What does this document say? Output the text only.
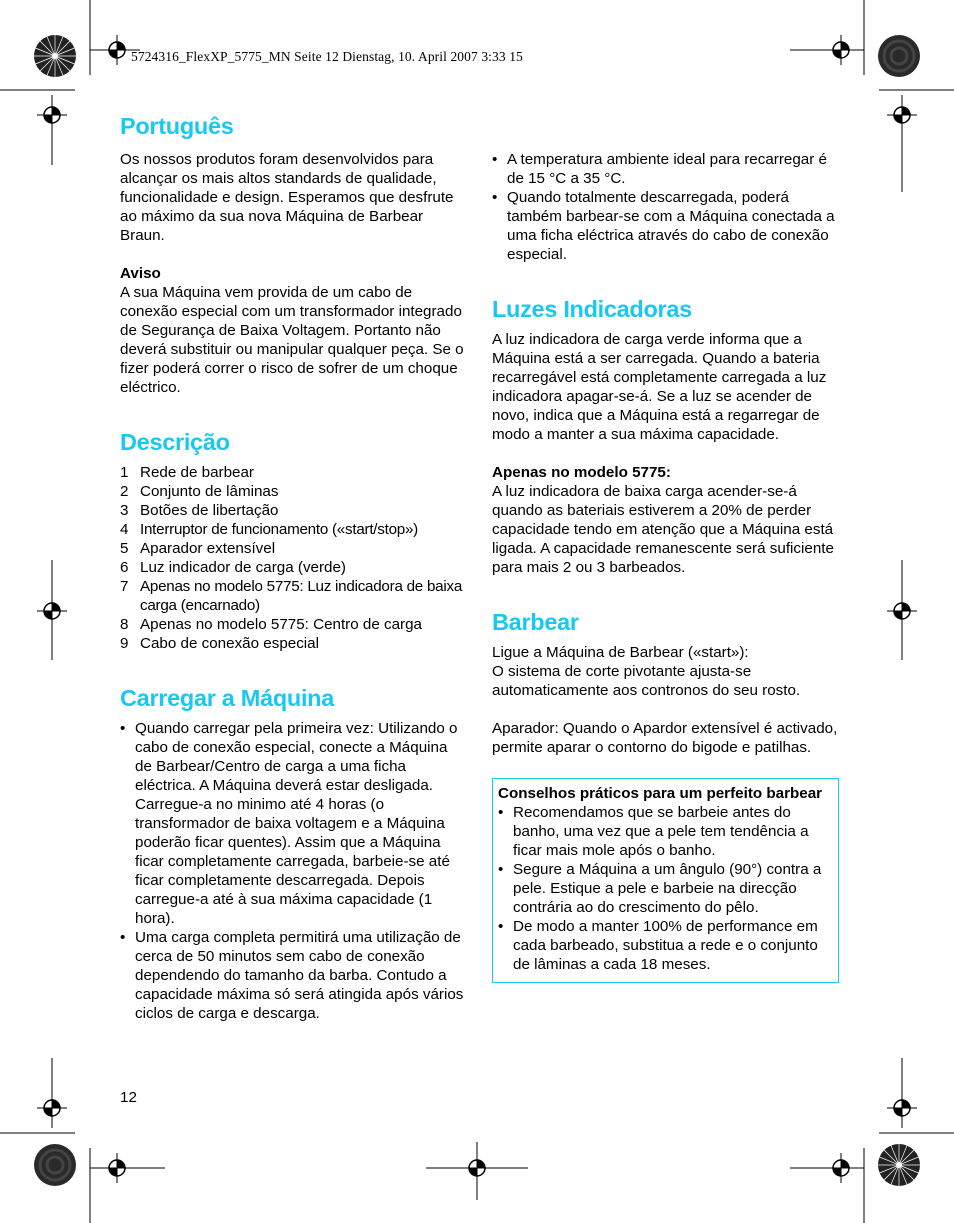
5724316_FlexXP_5775_MN Seite 12 Dienstag, 10. April 2007 3:33 15
Português

Os nossos produtos foram desenvolvidos para alcançar os mais altos standards de qualidade, funcionalidade e design. Esperamos que desfrute ao máximo da sua nova Máquina de Barbear Braun.

Aviso

A sua Máquina vem provida de um cabo de conexão especial com um transformador integrado de Segurança de Baixa Voltagem. Portanto não deverá substituir ou manipular qualquer peça. Se o fizer poderá correr o risco de sofrer de um choque eléctrico.

Descrição
1 Rede de barbear
2 Conjunto de lâminas
3 Botões de libertação
4 Interruptor de funcionamento («start/stop»)
5 Aparador extensível
6 Luz indicador de carga (verde)
7 Apenas no modelo 5775: Luz indicadora de baixa carga (encarnado)
8 Apenas no modelo 5775: Centro de carga
9 Cabo de conexão especial
Carregar a Máquina
• Quando carregar pela primeira vez: Utilizando o cabo de conexão especial, conecte a Máquina de Barbear/Centro de carga a uma ficha eléctrica. A Máquina deverá estar desligada. Carregue-a no minimo até 4 horas (o transformador de baixa voltagem e a Máquina poderão ficar quentes). Assim que a Máquina ficar completamente carregada, barbeie-se até ficar completamente descarregada. Depois carregue-a até à sua máxima capacidade (1 hora).
• Uma carga completa permitirá uma utilização de cerca de 50 minutos sem cabo de conexão dependendo do tamanho da barba. Contudo a capacidade máxima só será atingida após vários ciclos de carga e descarga.
12
• A temperatura ambiente ideal para recarregar é de 15 °C a 35 °C.
• Quando totalmente descarregada, poderá também barbear-se com a Máquina conectada a uma ficha eléctrica através do cabo de conexão especial.
Luzes Indicadoras

A luz indicadora de carga verde informa que a Máquina está a ser carregada. Quando a bateria recarregável está completamente carregada a luz indicadora apagar-se-á. Se a luz se acender de novo, indica que a Máquina está a regarregar de modo a manter a sua máxima capacidade.

Apenas no modelo 5775:

A luz indicadora de baixa carga acender-se-á quando as bateriais estiverem a 20% de perder capacidade tendo em atenção que a Máquina está ligada. A capacidade remanescente será suficiente para mais 2 ou 3 barbeados.

Barbear

Ligue a Máquina de Barbear («start»):

O sistema de corte pivotante ajusta-se automaticamente aos contronos do seu rosto.

Aparador: Quando o Apardor extensível é activado, permite aparar o contorno do bigode e patilhas.

Conselhos práticos para um perfeito barbear

• Recomendamos que se barbeie antes do banho, uma vez que a pele tem tendência a ficar mais mole após o banho.
• Segure a Máquina a um ângulo (90°) contra a pele. Estique a pele e barbeie na direcção contrária ao do crescimento do pêlo.
• De modo a manter 100% de performance em cada barbeado, substitua a rede e o conjunto de lâminas a cada 18 meses.
